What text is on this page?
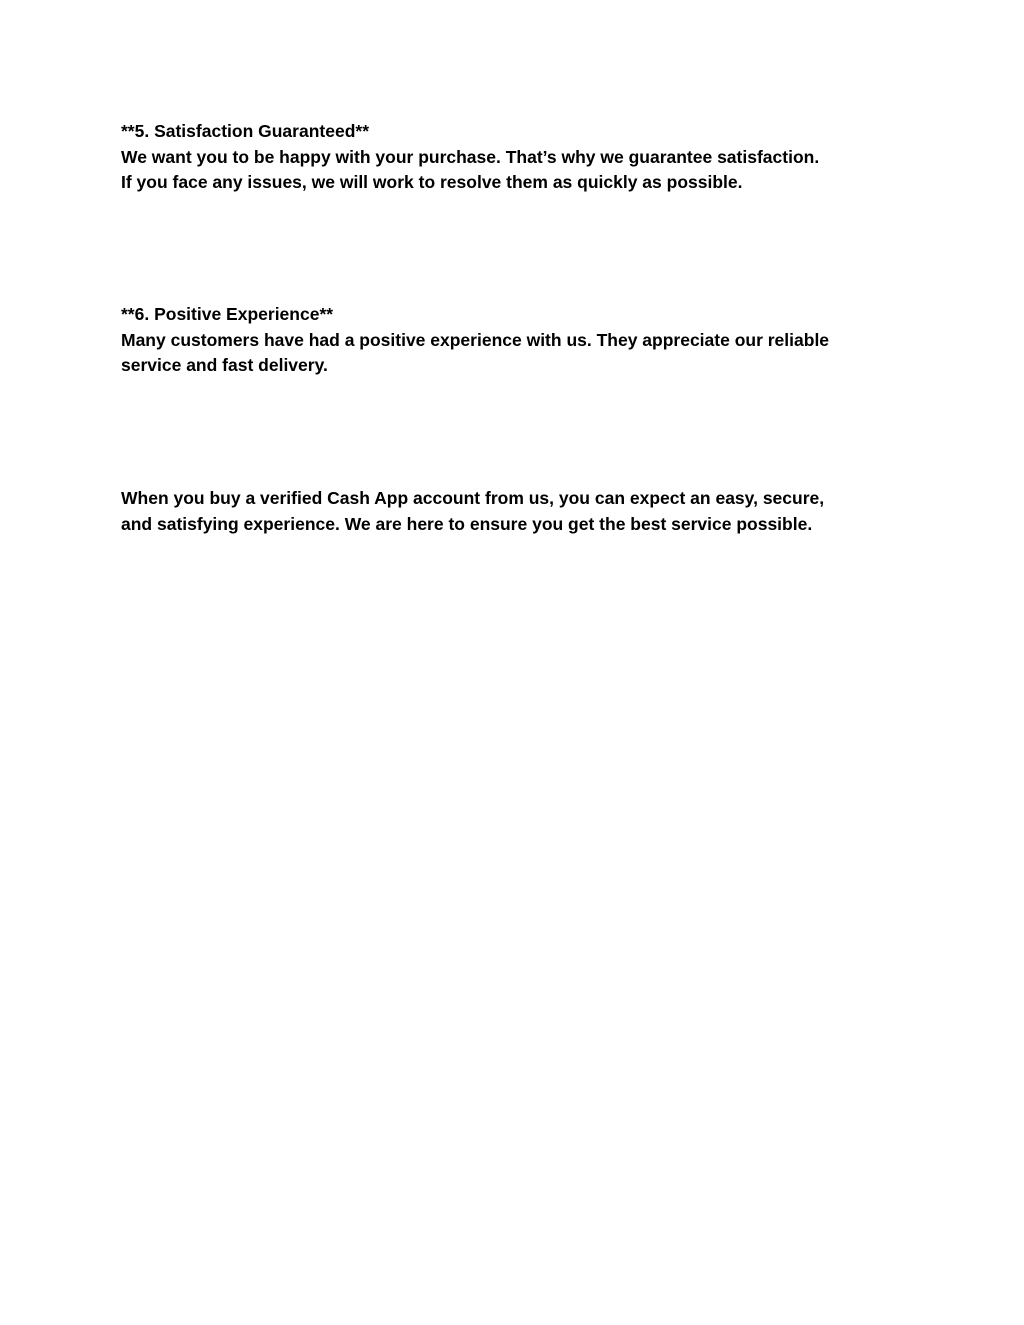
**5. Satisfaction Guaranteed**

We want you to be happy with your purchase. That’s why we guarantee satisfaction.

If you face any issues, we will work to resolve them as quickly as possible.

**6. Positive Experience**

Many customers have had a positive experience with us. They appreciate our reliable

service and fast delivery.

When you buy a verified Cash App account from us, you can expect an easy, secure,

and satisfying experience. We are here to ensure you get the best service possible.
